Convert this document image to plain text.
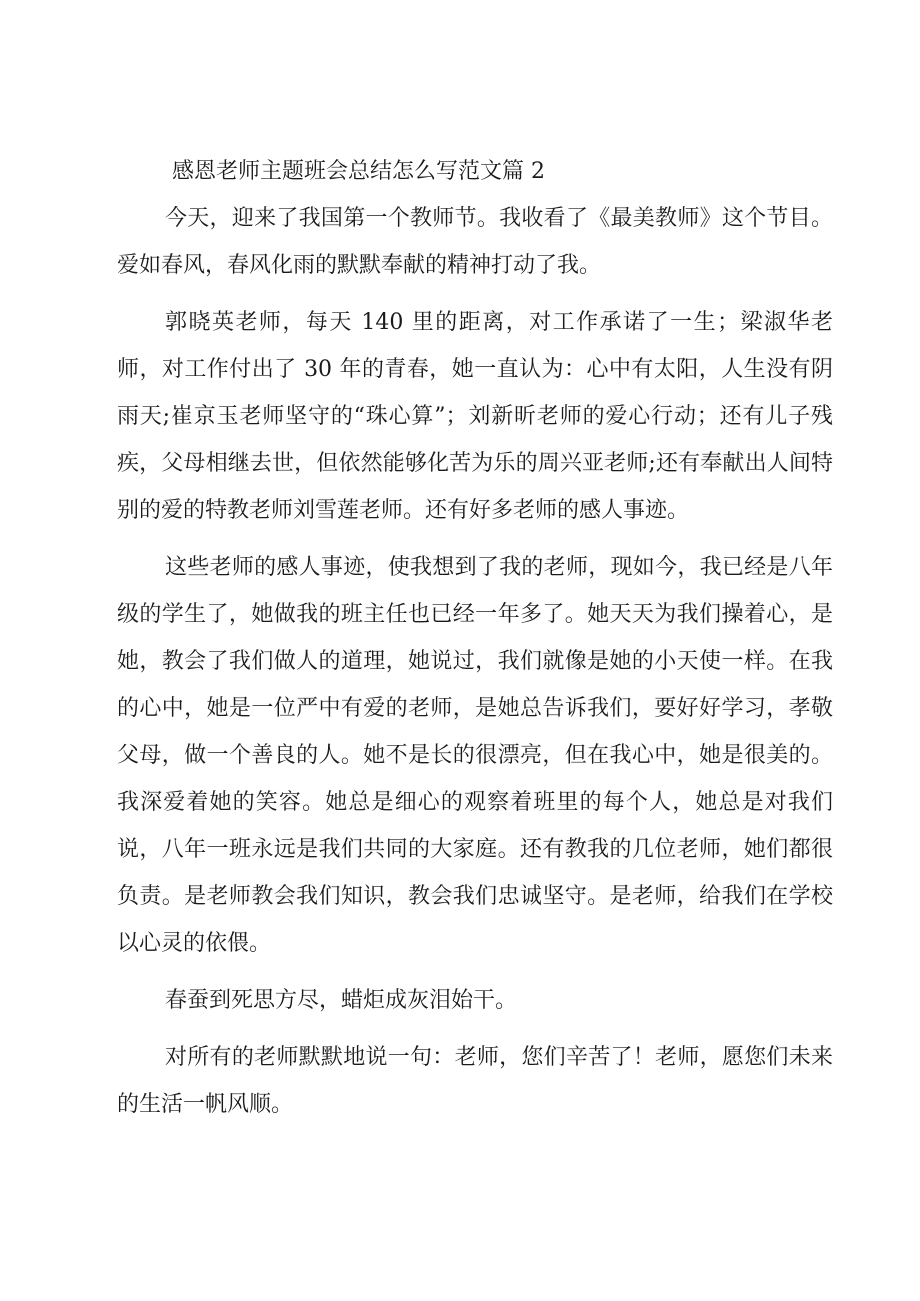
感恩老师主题班会总结怎么写范文篇 2

今天，迎来了我国第一个教师节。我收看了《最美教师》这个节目。爱如春风，春风化雨的默默奉献的精神打动了我。

郭晓英老师，每天 140 里的距离，对工作承诺了一生；梁淑华老师，对工作付出了 30 年的青春，她一直认为：心中有太阳，人生没有阴雨天;崔京玉老师坚守的“珠心算”；刘新昕老师的爱心行动；还有儿子残疾，父母相继去世，但依然能够化苦为乐的周兴亚老师;还有奉献出人间特别的爱的特教老师刘雪莲老师。还有好多老师的感人事迹。

这些老师的感人事迹，使我想到了我的老师，现如今，我已经是八年级的学生了，她做我的班主任也已经一年多了。她天天为我们操着心，是她，教会了我们做人的道理，她说过，我们就像是她的小天使一样。在我的心中，她是一位严中有爱的老师，是她总告诉我们，要好好学习，孝敬父母，做一个善良的人。她不是长的很漂亮，但在我心中，她是很美的。我深爱着她的笑容。她总是细心的观察着班里的每个人，她总是对我们说，八年一班永远是我们共同的大家庭。还有教我的几位老师，她们都很负责。是老师教会我们知识，教会我们忠诚坚守。是老师，给我们在学校以心灵的依偎。

春蚕到死思方尽，蜡炬成灰泪始干。

对所有的老师默默地说一句：老师，您们辛苦了！老师，愿您们未来的生活一帆风顺。
